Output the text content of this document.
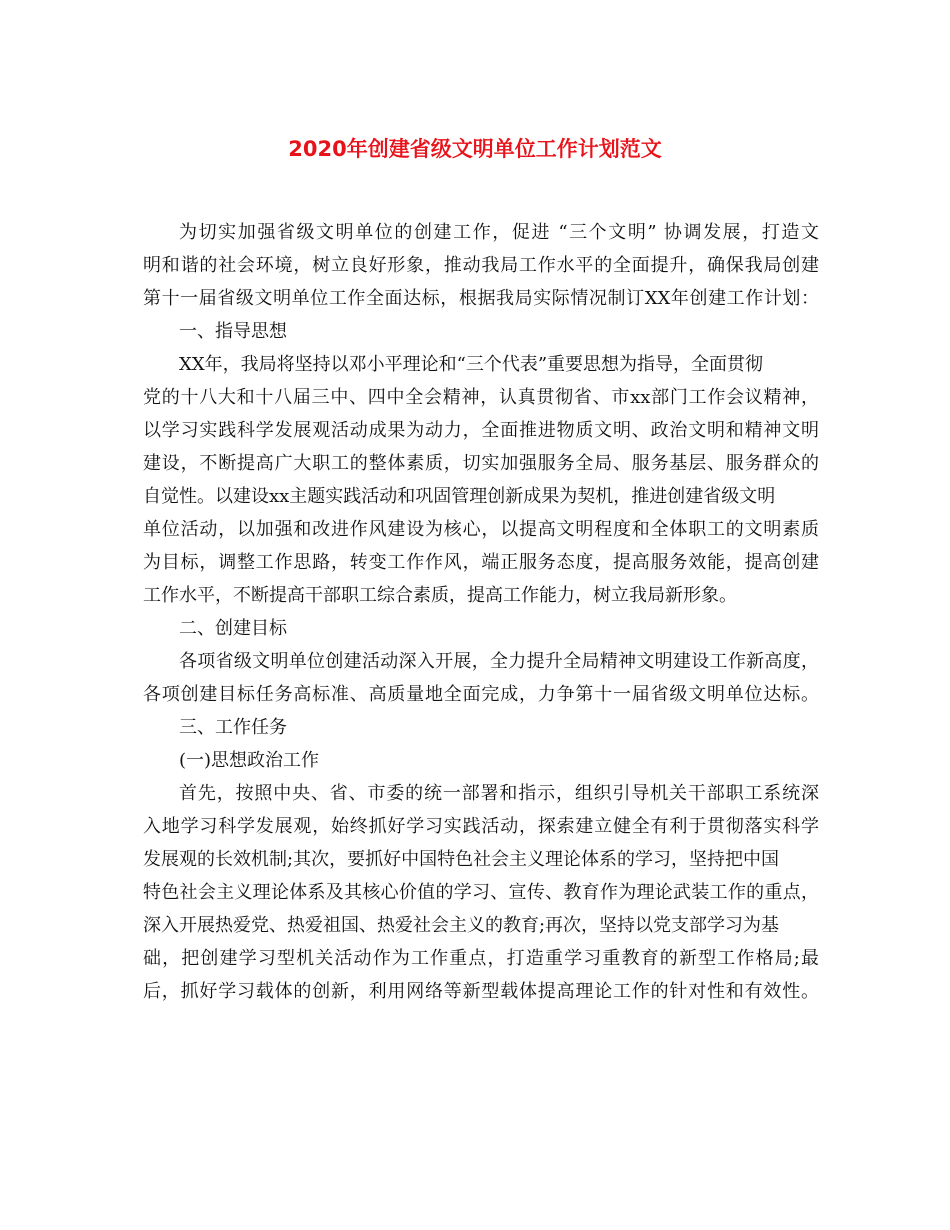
2020年创建省级文明单位工作计划范文
为切实加强省级文明单位的创建工作，促进 “三个文明” 协调发展，打造文
明和谐的社会环境，树立良好形象，推动我局工作水平的全面提升，确保我局创建
第十一届省级文明单位工作全面达标，根据我局实际情况制订XX年创建工作计划：
一、指导思想
XX年，我局将坚持以邓小平理论和“三个代表”重要思想为指导，全面贯彻
党的十八大和十八届三中、四中全会精神，认真贯彻省、市xx部门工作会议精神，
以学习实践科学发展观活动成果为动力，全面推进物质文明、政治文明和精神文明
建设，不断提高广大职工的整体素质，切实加强服务全局、服务基层、服务群众的
自觉性。以建设xx主题实践活动和巩固管理创新成果为契机，推进创建省级文明
单位活动，以加强和改进作风建设为核心，以提高文明程度和全体职工的文明素质
为目标，调整工作思路，转变工作作风，端正服务态度，提高服务效能，提高创建
工作水平，不断提高干部职工综合素质，提高工作能力，树立我局新形象。
二、创建目标
各项省级文明单位创建活动深入开展，全力提升全局精神文明建设工作新高度，
各项创建目标任务高标准、高质量地全面完成，力争第十一届省级文明单位达标。
三、工作任务
(一)思想政治工作
首先，按照中央、省、市委的统一部署和指示，组织引导机关干部职工系统深
入地学习科学发展观，始终抓好学习实践活动，探索建立健全有利于贯彻落实科学
发展观的长效机制;其次，要抓好中国特色社会主义理论体系的学习，坚持把中国
特色社会主义理论体系及其核心价值的学习、宣传、教育作为理论武装工作的重点，
深入开展热爱党、热爱祖国、热爱社会主义的教育;再次，坚持以党支部学习为基
础，把创建学习型机关活动作为工作重点，打造重学习重教育的新型工作格局;最
后，抓好学习载体的创新，利用网络等新型载体提高理论工作的针对性和有效性。
